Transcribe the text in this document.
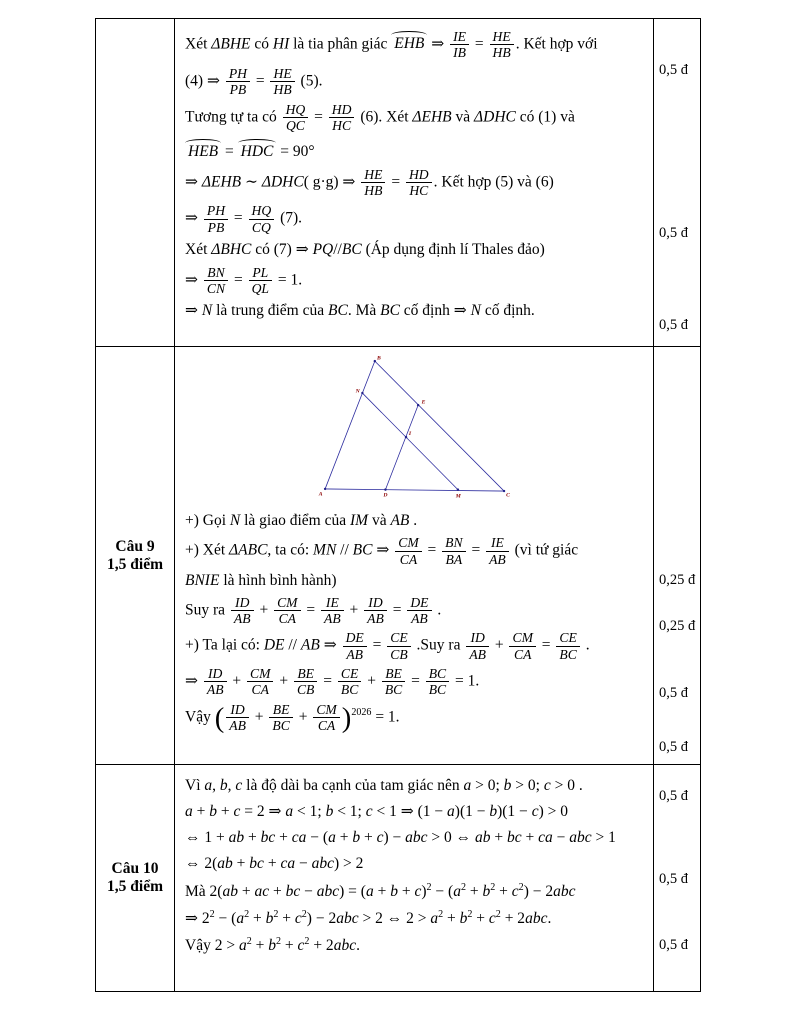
Xét ΔBHE có HI là tia phân giác EHB ⇒ $\frac{IE}{IB} = \frac{HE}{HB}$ . Kết hợp với
(4) ⇒ $\frac{PH}{PB} = \frac{HE}{HB} (5)$.
Tương tự ta có $\frac{HQ}{QC} = \frac{HD}{HC} (6)$. Xét ΔEHB và ΔDHC có (1) và
HEB = HDC = 90°
⇒ ΔEHB ∼ ΔDHC( g·g) ⇒ $\frac{HE}{HB} = \frac{HD}{HC}$ . Kết hợp (5) và (6)
⇒ $\frac{PH}{PB} = \frac{HQ}{CQ} (7)$.
Xét ΔBHC có (7) ⇒ PQ//BC (Áp dụng định lí Thales đảo)
⇒ $\frac{BN}{CN} = \frac{PL}{QL} = 1$.
⇒ N là trung điểm của BC. Mà BC cố định ⇒ N cố định.
0,5 đ
0,5 đ
0,5 đ
Câu 9
1,5 điểm
A
B
C
D	M
N
E
I
+) Gọi N là giao điểm của IM và AB .
+) Xét ΔABC, ta có: MN // BC ⇒ $\frac{CM}{CA} = \frac{BN}{BA} = \frac{IE}{AB}$ (vì tứ giác
BNIE là hình bình hành)
Suy ra $\frac{ID}{AB} + \frac{CM}{CA} = \frac{IE}{AB} + \frac{ID}{AB} = \frac{DE}{AB}$ .
+) Ta lại có: DE // AB ⇒ $\frac{DE}{AB} = \frac{CE}{CB} .Suy$ ra $\frac{ID}{AB} + \frac{CM}{CA} = \frac{CE}{BC}$ .
⇒ $\frac{ID}{AB} + \frac{CM}{CA} + \frac{BE}{CB} = \frac{CE}{BC} + \frac{BE}{BC} = \frac{BC}{BC} = 1$.
Vậy ( $\frac{ID}{AB} + \frac{BE}{BC} + \frac{CM}{CA} )^{2026} = 1$.
0,25 đ
0,25 đ
0,5 đ
0,5 đ
Câu 10
1,5 điểm
Vì a, b, c là độ dài ba cạnh của tam giác nên a > 0; b > 0; c > 0 .
a + b + c = 2 ⇒ a < 1; b < 1; c < 1 ⇒ (1 − a)(1 − b)(1 − c) > 0
⇔ 1 + ab + bc + ca − (a + b + c) − abc > 0 ⇔ ab + bc + ca − abc > 1
⇔ 2(ab + bc + ca − abc) > 2
Mà 2(ab + ac + bc − $abc) = (a + b + c)^2 - (a^2 + b^2 + c^2) - 2abc$
⇒ $2^2 - (a^2 + b^2 + c^2) - 2abc > 2$ ⇔ $2 > a^2 + b^2 + c^2 + 2abc$.
Vậy $2 > a^2 + b^2 + c^2 + 2abc$.
0,5 đ
0,5 đ
0,5 đ
